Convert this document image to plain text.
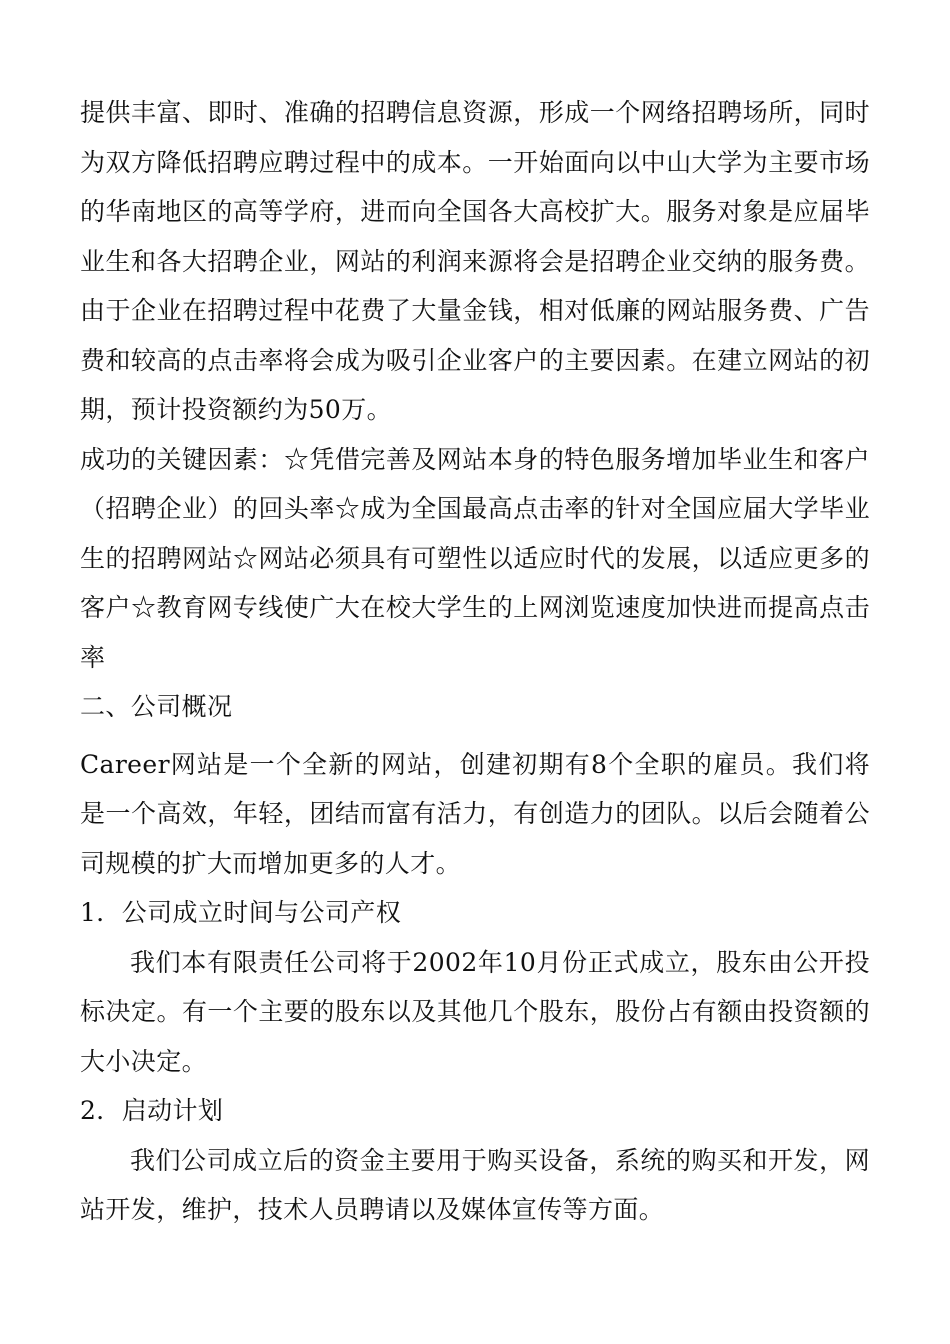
提供丰富、即时、准确的招聘信息资源，形成一个网络招聘场所，同时为双方降低招聘应聘过程中的成本。一开始面向以中山大学为主要市场的华南地区的高等学府，进而向全国各大高校扩大。服务对象是应届毕业生和各大招聘企业，网站的利润来源将会是招聘企业交纳的服务费。由于企业在招聘过程中花费了大量金钱，相对低廉的网站服务费、广告费和较高的点击率将会成为吸引企业客户的主要因素。在建立网站的初期，预计投资额约为50万。

成功的关键因素：☆凭借完善及网站本身的特色服务增加毕业生和客户（招聘企业）的回头率☆成为全国最高点击率的针对全国应届大学毕业生的招聘网站☆网站必须具有可塑性以适应时代的发展，以适应更多的客户☆教育网专线使广大在校大学生的上网浏览速度加快进而提高点击率

二、公司概况

Career网站是一个全新的网站，创建初期有8个全职的雇员。我们将是一个高效，年轻，团结而富有活力，有创造力的团队。以后会随着公司规模的扩大而增加更多的人才。

1．公司成立时间与公司产权

我们本有限责任公司将于2002年10月份正式成立，股东由公开投标决定。有一个主要的股东以及其他几个股东，股份占有额由投资额的大小决定。

2．启动计划

我们公司成立后的资金主要用于购买设备，系统的购买和开发，网站开发，维护，技术人员聘请以及媒体宣传等方面。
